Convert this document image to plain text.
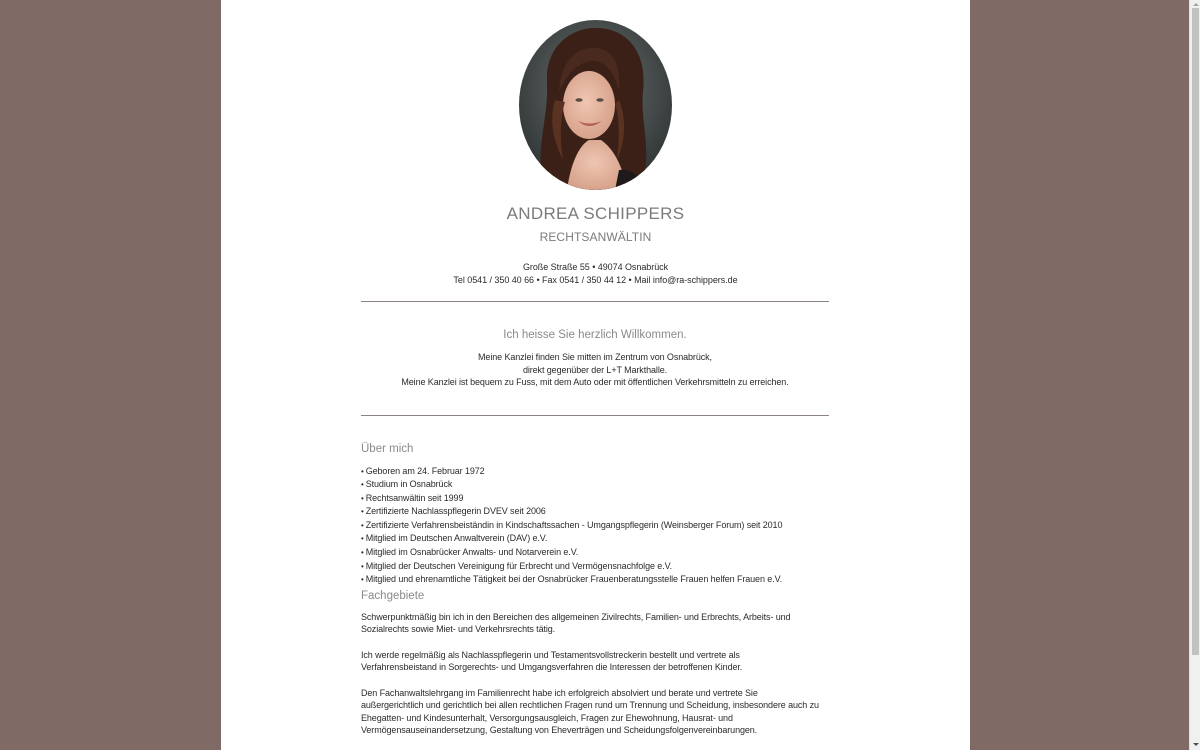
ANDREA SCHIPPERS
RECHTSANWÄLTIN
Große Straße 55 • 49074 Osnabrück
Tel 0541 / 350 40 66 • Fax 0541 / 350 44 12 • Mail info@ra-schippers.de
Ich heisse Sie herzlich Willkommen.
Meine Kanzlei finden Sie mitten im Zentrum von Osnabrück,
direkt gegenüber der L+T Markthalle.
Meine Kanzlei ist bequem zu Fuss, mit dem Auto oder mit öffentlichen Verkehrsmitteln zu erreichen.
Über mich
• Geboren am 24. Februar 1972
• Studium in Osnabrück
• Rechtsanwältin seit 1999
• Zertifizierte Nachlasspflegerin DVEV seit 2006
• Zertifizierte Verfahrensbeiständin in Kindschaftssachen - Umgangspflegerin (Weinsberger Forum) seit 2010
• Mitglied im Deutschen Anwaltverein (DAV) e.V.
• Mitglied im Osnabrücker Anwalts- und Notarverein e.V.
• Mitglied der Deutschen Vereinigung für Erbrecht und Vermögensnachfolge e.V.
• Mitglied und ehrenamtliche Tätigkeit bei der Osnabrücker Frauenberatungsstelle Frauen helfen Frauen e.V.
Fachgebiete

Schwerpunktmäßig bin ich in den Bereichen des allgemeinen Zivilrechts, Familien- und Erbrechts, Arbeits- und
Sozialrechts sowie Miet- und Verkehrsrechts tätig.

Ich werde regelmäßig als Nachlasspflegerin und Testamentsvollstreckerin bestellt und vertrete als
Verfahrensbeistand in Sorgerechts- und Umgangsverfahren die Interessen der betroffenen Kinder.

Den Fachanwaltslehrgang im Familienrecht habe ich erfolgreich absolviert und berate und vertrete Sie
außergerichtlich und gerichtlich bei allen rechtlichen Fragen rund um Trennung und Scheidung, insbesondere auch zu
Ehegatten- und Kindesunterhalt, Versorgungsausgleich, Fragen zur Ehewohnung, Hausrat- und
Vermögensauseinandersetzung, Gestaltung von Eheverträgen und Scheidungsfolgenvereinbarungen.
